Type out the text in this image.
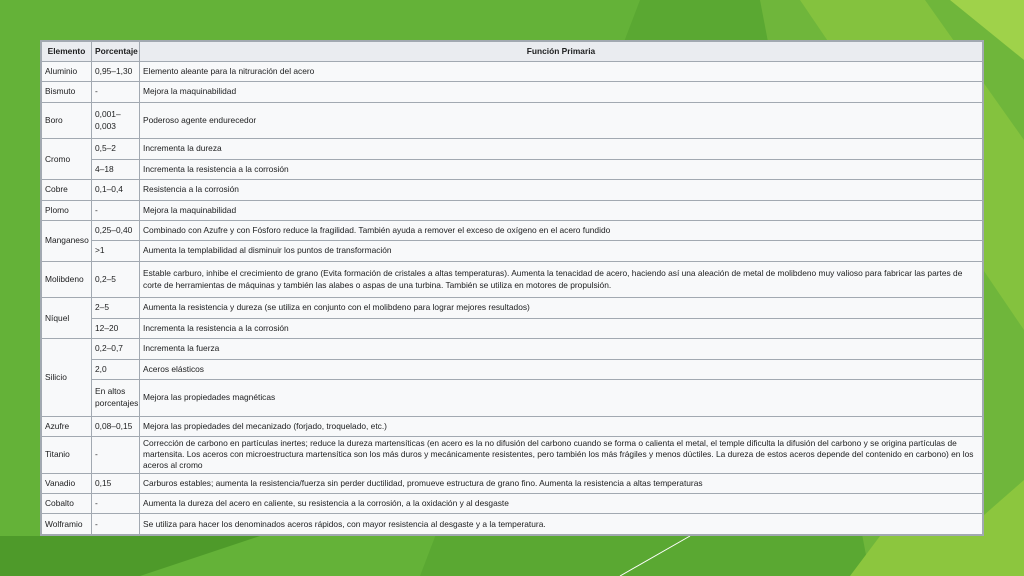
Elemento	Porcentaje	Función Primaria
Aluminio	0,95–1,30	Elemento aleante para la nitruración del acero
Bismuto	-	Mejora la maquinabilidad
Boro	0,001–0,003	Poderoso agente endurecedor
Cromo	0,5–2	Incrementa la dureza
	4–18	Incrementa la resistencia a la corrosión
Cobre	0,1–0,4	Resistencia a la corrosión
Plomo	-	Mejora la maquinabilidad
Manganeso	0,25–0,40	Combinado con Azufre y con Fósforo reduce la fragilidad. También ayuda a remover el exceso de oxígeno en el acero fundido
	>1	Aumenta la templabilidad al disminuir los puntos de transformación
Molibdeno	0,2–5	Estable carburo, inhibe el crecimiento de grano (Evita formación de cristales a altas temperaturas). Aumenta la tenacidad de acero, haciendo así una aleación de metal de molibdeno muy valioso para fabricar las partes de corte de herramientas de máquinas y también las alabes o aspas de una turbina. También se utiliza en motores de propulsión.
Níquel	2–5	Aumenta la resistencia y dureza (se utiliza en conjunto con el molibdeno para lograr mejores resultados)
	12–20	Incrementa la resistencia a la corrosión
Silicio	0,2–0,7	Incrementa la fuerza
	2,0	Aceros elásticos
	En altos porcentajes	Mejora las propiedades magnéticas
Azufre	0,08–0,15	Mejora las propiedades del mecanizado (forjado, troquelado, etc.)
Titanio	-	Corrección de carbono en partículas inertes; reduce la dureza martensíticas (en acero es la no difusión del carbono cuando se forma o calienta el metal, el temple dificulta la difusión del carbono y se origina partículas de martensita. Los aceros con microestructura martensítica son los más duros y mecánicamente resistentes, pero también los más frágiles y menos dúctiles. La dureza de estos aceros depende del contenido en carbono) en los aceros al cromo
Vanadio	0,15	Carburos estables; aumenta la resistencia/fuerza sin perder ductilidad, promueve estructura de grano fino. Aumenta la resistencia a altas temperaturas
Cobalto	-	Aumenta la dureza del acero en caliente, su resistencia a la corrosión, a la oxidación y al desgaste
Wolframio	-	Se utiliza para hacer los denominados aceros rápidos, con mayor resistencia al desgaste y a la temperatura.
